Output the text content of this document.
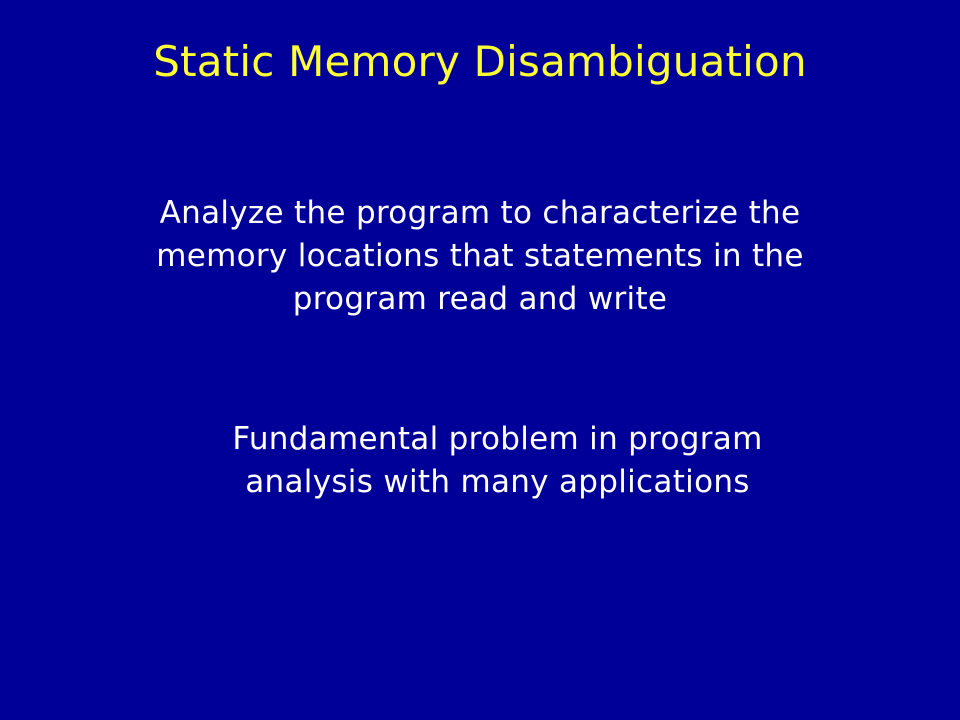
Static Memory Disambiguation
Analyze the program to characterize the memory locations that statements in the program read and write
Fundamental problem in program analysis with many applications
